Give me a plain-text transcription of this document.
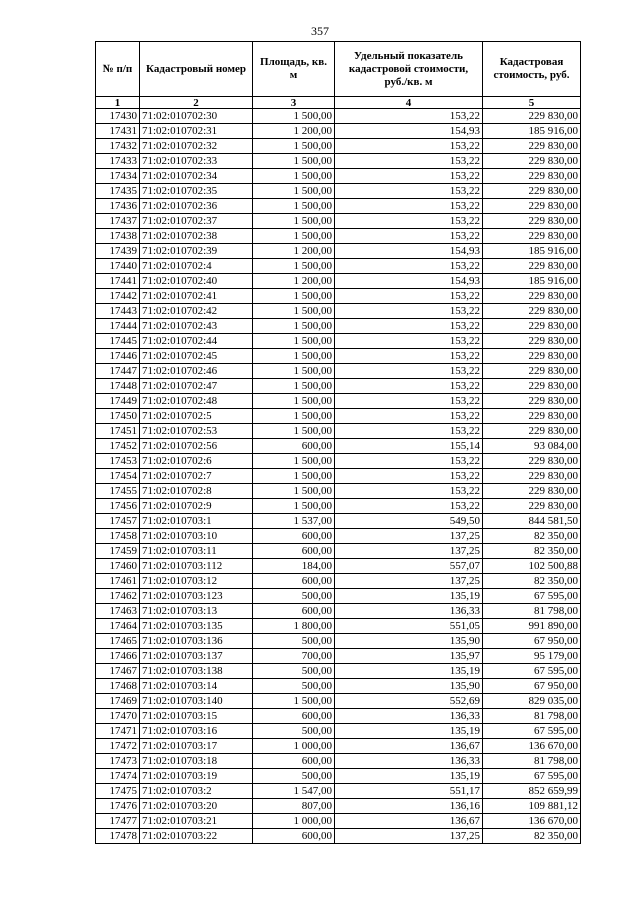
357
№ п/п	Кадастровый номер	Площадь, кв. м	Удельный показатель кадастровой стоимости, руб./кв. м	Кадастровая стоимость, руб.
1	2	3	4	5
17430	71:02:010702:30	1 500,00	153,22	229 830,00
17431	71:02:010702:31	1 200,00	154,93	185 916,00
17432	71:02:010702:32	1 500,00	153,22	229 830,00
17433	71:02:010702:33	1 500,00	153,22	229 830,00
17434	71:02:010702:34	1 500,00	153,22	229 830,00
17435	71:02:010702:35	1 500,00	153,22	229 830,00
17436	71:02:010702:36	1 500,00	153,22	229 830,00
17437	71:02:010702:37	1 500,00	153,22	229 830,00
17438	71:02:010702:38	1 500,00	153,22	229 830,00
17439	71:02:010702:39	1 200,00	154,93	185 916,00
17440	71:02:010702:4	1 500,00	153,22	229 830,00
17441	71:02:010702:40	1 200,00	154,93	185 916,00
17442	71:02:010702:41	1 500,00	153,22	229 830,00
17443	71:02:010702:42	1 500,00	153,22	229 830,00
17444	71:02:010702:43	1 500,00	153,22	229 830,00
17445	71:02:010702:44	1 500,00	153,22	229 830,00
17446	71:02:010702:45	1 500,00	153,22	229 830,00
17447	71:02:010702:46	1 500,00	153,22	229 830,00
17448	71:02:010702:47	1 500,00	153,22	229 830,00
17449	71:02:010702:48	1 500,00	153,22	229 830,00
17450	71:02:010702:5	1 500,00	153,22	229 830,00
17451	71:02:010702:53	1 500,00	153,22	229 830,00
17452	71:02:010702:56	600,00	155,14	93 084,00
17453	71:02:010702:6	1 500,00	153,22	229 830,00
17454	71:02:010702:7	1 500,00	153,22	229 830,00
17455	71:02:010702:8	1 500,00	153,22	229 830,00
17456	71:02:010702:9	1 500,00	153,22	229 830,00
17457	71:02:010703:1	1 537,00	549,50	844 581,50
17458	71:02:010703:10	600,00	137,25	82 350,00
17459	71:02:010703:11	600,00	137,25	82 350,00
17460	71:02:010703:112	184,00	557,07	102 500,88
17461	71:02:010703:12	600,00	137,25	82 350,00
17462	71:02:010703:123	500,00	135,19	67 595,00
17463	71:02:010703:13	600,00	136,33	81 798,00
17464	71:02:010703:135	1 800,00	551,05	991 890,00
17465	71:02:010703:136	500,00	135,90	67 950,00
17466	71:02:010703:137	700,00	135,97	95 179,00
17467	71:02:010703:138	500,00	135,19	67 595,00
17468	71:02:010703:14	500,00	135,90	67 950,00
17469	71:02:010703:140	1 500,00	552,69	829 035,00
17470	71:02:010703:15	600,00	136,33	81 798,00
17471	71:02:010703:16	500,00	135,19	67 595,00
17472	71:02:010703:17	1 000,00	136,67	136 670,00
17473	71:02:010703:18	600,00	136,33	81 798,00
17474	71:02:010703:19	500,00	135,19	67 595,00
17475	71:02:010703:2	1 547,00	551,17	852 659,99
17476	71:02:010703:20	807,00	136,16	109 881,12
17477	71:02:010703:21	1 000,00	136,67	136 670,00
17478	71:02:010703:22	600,00	137,25	82 350,00
